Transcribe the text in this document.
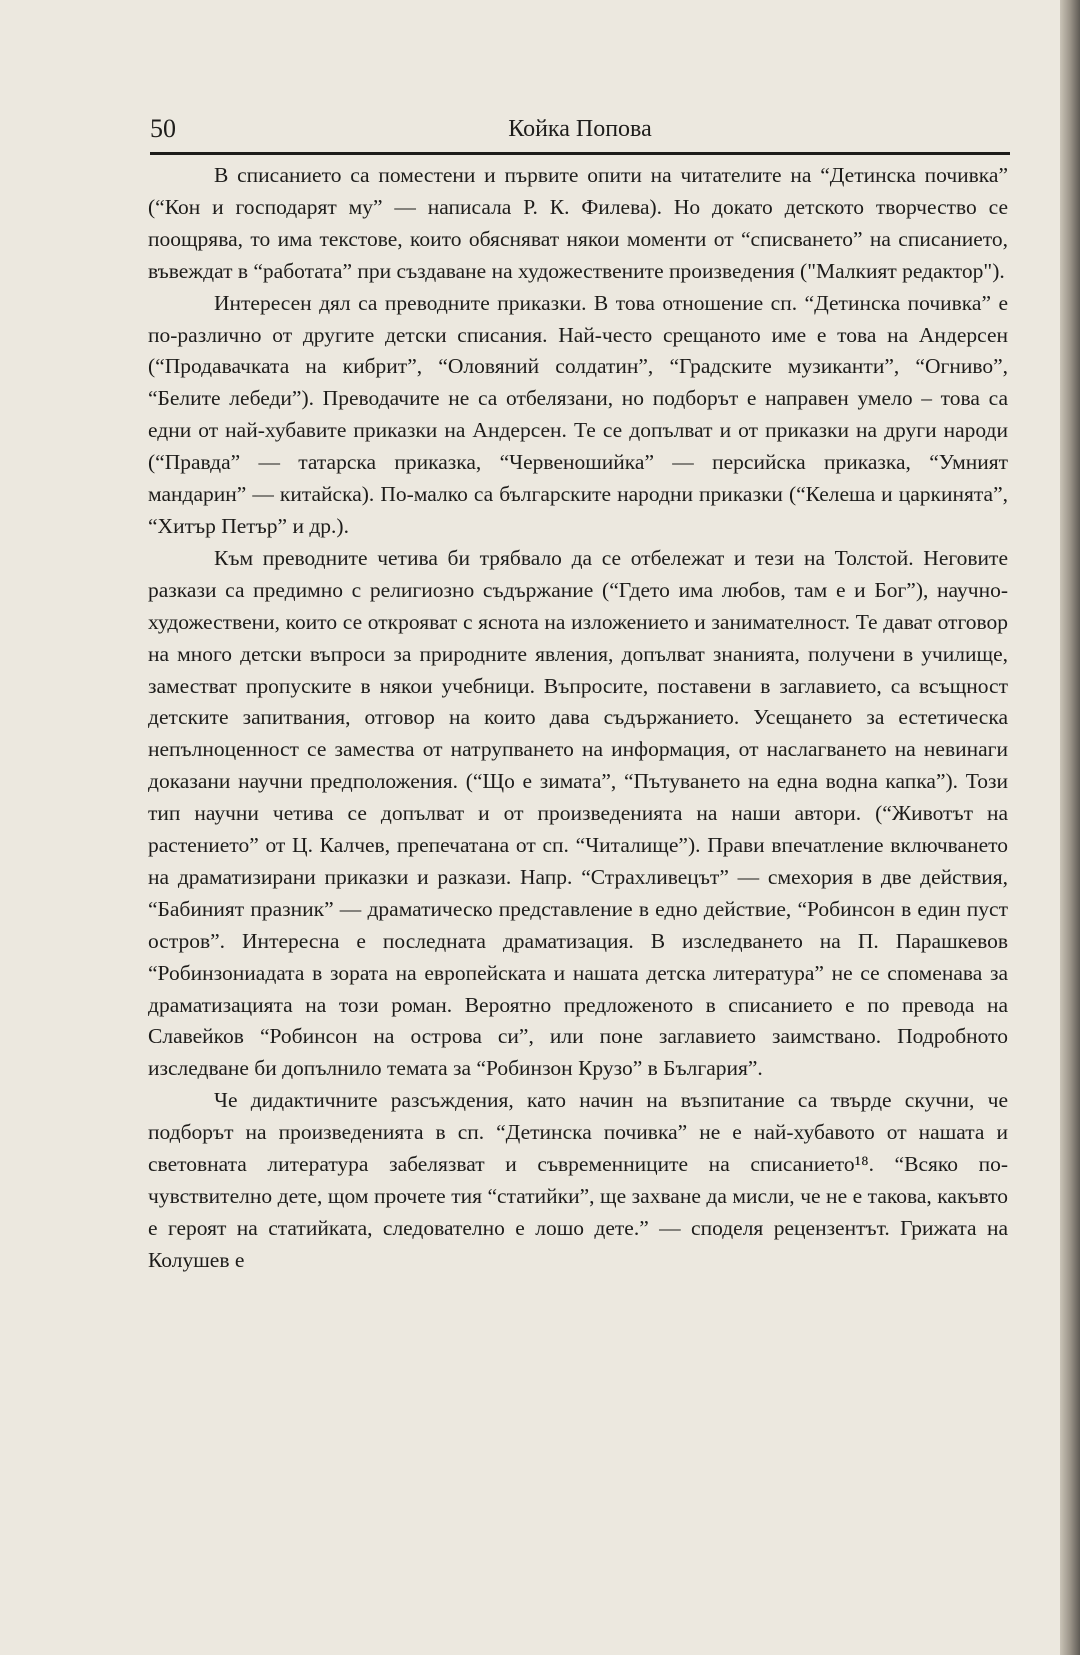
50	Койка Попова

В списанието са поместени и първите опити на читателите на “Детинска почивка” (“Кон и господарят му” — написала Р. К. Филева). Но докато детското творчество се поощрява, то има текстове, които обясняват някои моменти от “списването” на списанието, въвеждат в “работата” при създаване на художествените произведения ("Малкият редактор").

Интересен дял са преводните приказки. В това отношение сп. “Детинска почивка” е по-различно от другите детски списания. Най-често срещаното име е това на Андерсен (“Продавачката на кибрит”, “Оловяний солдатин”, “Градските музиканти”, “Огниво”, “Белите лебеди”). Преводачите не са отбелязани, но подборът е направен умело – това са едни от най-хубавите приказки на Андерсен. Те се допълват и от приказки на други народи (“Правда” — татарска приказка, “Червеношийка” — персийска приказка, “Умният мандарин” — китайска). По-малко са българските народни приказки (“Келеша и царкинята”, “Хитър Петър” и др.).

Към преводните четива би трябвало да се отбележат и тези на Толстой. Неговите разкази са предимно с религиозно съдържание (“Гдето има любов, там е и Бог”), научно-художествени, които се открояват с яснота на изложението и занимателност. Те дават отговор на много детски въпроси за природните явления, допълват знанията, получени в училище, заместват пропуските в някои учебници. Въпросите, поставени в заглавието, са всъщност детските запитвания, отговор на които дава съдържанието. Усещането за естетическа непълноценност се замества от натрупването на информация, от наслагването на невинаги доказани научни предположения. (“Що е зимата”, “Пътуването на една водна капка”). Този тип научни четива се допълват и от произведенията на наши автори. (“Животът на растението” от Ц. Калчев, препечатана от сп. “Читалище”). Прави впечатление включването на драматизирани приказки и разкази. Напр. “Страхливецът” — смехория в две действия, “Бабиният празник” — драматическо представление в едно действие, “Робинсон в един пуст остров”. Интересна е последната драматизация. В изследването на П. Парашкевов “Робинзониадата в зората на европейската и нашата детска литература” не се споменава за драматизацията на този роман. Вероятно предложеното в списанието е по превода на Славейков “Робинсон на острова си”, или поне заглавието заимствано. Подробното изследване би допълнило темата за “Робинзон Крузо” в България”.

Че дидактичните разсъждения, като начин на възпитание са твърде скучни, че подборът на произведенията в сп. “Детинска почивка” не е най-хубавото от нашата и световната литература забелязват и съвременниците на списанието¹⁸. “Всяко по-чувствително дете, щом прочете тия “статийки”, ще захване да мисли, че не е такова, какъвто е героят на статийката, следователно е лошо дете.” — споделя рецензентът. Грижата на Колушев е
